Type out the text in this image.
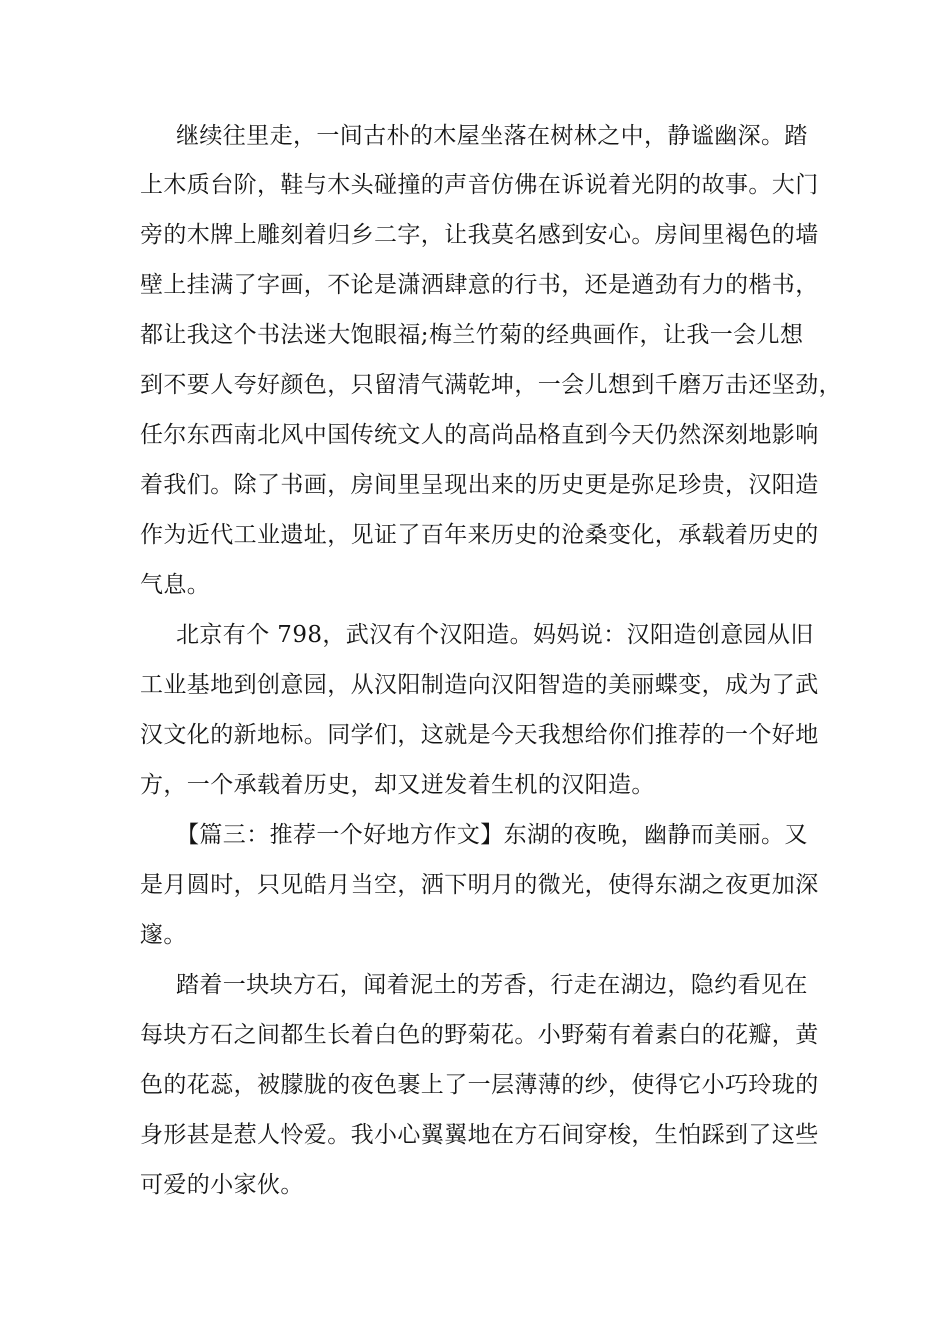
继续往里走，一间古朴的木屋坐落在树林之中，静谧幽深。踏
上木质台阶，鞋与木头碰撞的声音仿佛在诉说着光阴的故事。大门
旁的木牌上雕刻着归乡二字，让我莫名感到安心。房间里褐色的墙
壁上挂满了字画，不论是潇洒肆意的行书，还是遒劲有力的楷书，
都让我这个书法迷大饱眼福;梅兰竹菊的经典画作，让我一会儿想
到不要人夸好颜色，只留清气满乾坤，一会儿想到千磨万击还坚劲，
任尔东西南北风中国传统文人的高尚品格直到今天仍然深刻地影响
着我们。除了书画，房间里呈现出来的历史更是弥足珍贵，汉阳造
作为近代工业遗址，见证了百年来历史的沧桑变化，承载着历史的
气息。
北京有个 798，武汉有个汉阳造。妈妈说：汉阳造创意园从旧
工业基地到创意园，从汉阳制造向汉阳智造的美丽蝶变，成为了武
汉文化的新地标。同学们，这就是今天我想给你们推荐的一个好地
方，一个承载着历史，却又迸发着生机的汉阳造。
【篇三：推荐一个好地方作文】东湖的夜晚，幽静而美丽。又
是月圆时，只见皓月当空，洒下明月的微光，使得东湖之夜更加深
邃。
踏着一块块方石，闻着泥土的芳香，行走在湖边，隐约看见在
每块方石之间都生长着白色的野菊花。小野菊有着素白的花瓣，黄
色的花蕊，被朦胧的夜色裹上了一层薄薄的纱，使得它小巧玲珑的
身形甚是惹人怜爱。我小心翼翼地在方石间穿梭，生怕踩到了这些
可爱的小家伙。
